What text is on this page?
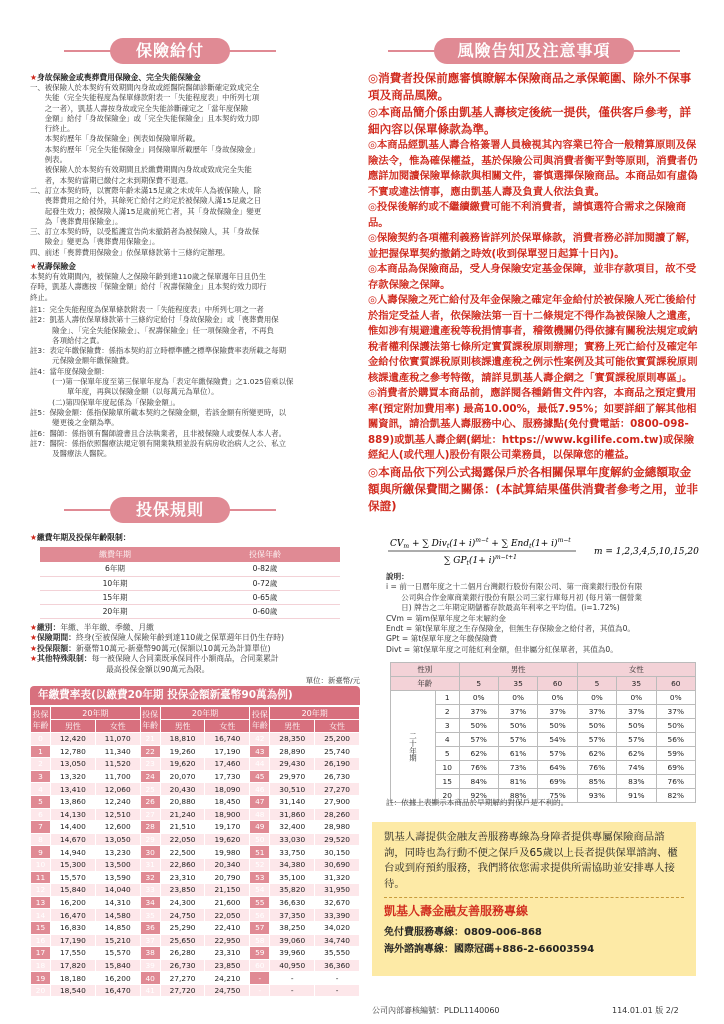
保險給付
★身故保險金或喪葬費用保險金、完全失能保險金
一、被保險人於本契約有效期間內身故或經醫院醫師診斷確定致成完全
　　失能（完全失能程度為保單條款附表一「失能程度表」中所列七項
　　之一者），凱基人壽按身故或完全失能診斷確定之「當年度保險
　　金額」給付「身故保險金」或「完全失能保險金」且本契約效力即
　　行終止。
　　本契約歷年「身故保險金」例表如保險單所載。
　　本契約歷年「完全失能保險金」同保險單所載歷年「身故保險金」
　　例表。
　　被保險人於本契約有效期間且於繳費期間內身故或致成完全失能
　　者，本契約當期已繳付之未到期保費不退還。
二、訂立本契約時，以實際年齡未滿15足歲之未成年人為被保險人，除
　　喪葬費用之給付外，其餘死亡給付之約定於被保險人滿15足歲之日
　　起發生效力；被保險人滿15足歲前死亡者，其「身故保險金」變更
　　為「喪葬費用保險金」。
三、訂立本契約時，以受監護宣告尚未撤銷者為被保險人，其「身故保
　　險金」變更為「喪葬費用保險金」。
四、前述「喪葬費用保險金」依保單條款第十三條約定辦理。
★祝壽保險金
本契約有效期間內，被保險人之保險年齡到達110歲之保單週年日且仍生
存時，凱基人壽應按「保險金額」給付「祝壽保險金」且本契約效力即行
終止。
註1：完全失能程度為保單條款附表一「失能程度表」中所列七項之一者
註2：凱基人壽依保單條款第十三條約定給付「身故保險金」或「喪葬費用保
　　　險金」、「完全失能保險金」、「祝壽保險金」任一項保險金者，不再負
　　　各項給付之責。
註3：表定年繳保險費：係指本契約訂立時標準體之標準保險費率表所載之每期
　　　元保險金額年繳保險費。
註4：當年度保險金額：
　　　(一)第一保單年度至第三保單年度為「表定年繳保險費」之1.025倍乘以保
　　　　　單年度，再與以保險金額（以每萬元為單位）。
　　　(二)第四保單年度起係為「保險金額」。
註5：保險金額：係指保險單所載本契約之保險金額，若該金額有所變更時，以
　　　變更後之金額為準。
註6：醫師：係指領有醫師證書且合法執業者，且非被保險人或要保人本人者。
註7：醫院：係指依照醫療法規定領有開業執照並設有病房收治病人之公、私立
　　　及醫療法人醫院。
投保規則
★繳費年期及投保年齡限制：
繳費年期	投保年齡
6年期	0-82歲
10年期	0-72歲
15年期	0-65歲
20年期	0-60歲
★繳別：年繳、半年繳、季繳、月繳
★保險期間：終身(至被保險人保險年齡到達110歲之保單週年日仍生存時)
★投保限額：新臺幣10萬元-新臺幣90萬元(保額以10萬元為計算單位)
★其他特殊限制：每一被保險人合同業既承保同件小額商品，合同業累計
最高投保金額以90萬元為限。
單位：新臺幣/元
年繳費率表(以繳費20年期 投保金額新臺幣90萬為例)
投保年齡	20年期		投保年齡	20年期		投保年齡	20年期	
	男性	女性		男性	女性		男性	女性
0	12,420	11,070	21	18,810	16,740	42	28,350	25,200
1	12,780	11,340	22	19,260	17,190	43	28,890	25,740
2	13,050	11,520	23	19,620	17,460	44	29,430	26,190
3	13,320	11,700	24	20,070	17,730	45	29,970	26,730
4	13,410	12,060	25	20,430	18,090	46	30,510	27,270
5	13,860	12,240	26	20,880	18,450	47	31,140	27,900
6	14,130	12,510	27	21,240	18,900	48	31,860	28,260
7	14,400	12,600	28	21,510	19,170	49	32,400	28,980
8	14,670	13,050	29	22,050	19,620	50	33,030	29,520
9	14,940	13,230	30	22,500	19,980	51	33,750	30,150
10	15,300	13,500	31	22,860	20,340	52	34,380	30,690
11	15,570	13,590	32	23,310	20,790	53	35,100	31,320
12	15,840	14,040	33	23,850	21,150	54	35,820	31,950
13	16,200	14,310	34	24,300	21,600	55	36,630	32,670
14	16,470	14,580	35	24,750	22,050	56	37,350	33,390
15	16,830	14,850	36	25,290	22,410	57	38,250	34,020
16	17,190	15,210	37	25,650	22,950	58	39,060	34,740
17	17,550	15,570	38	26,280	23,310	59	39,960	35,550
18	17,820	15,840	39	26,730	23,850	60	40,950	36,360
19	18,180	16,200	40	27,270	24,210	-	-	-
20	18,540	16,470	41	27,720	24,750	-	-	-
風險告知及注意事項
◎消費者投保前應審慎瞭解本保險商品之承保範圍、除外不保事項及商品風險。
◎本商品簡介係由凱基人壽核定後統一提供，僅供客戶參考，詳細內容以保單條款為準。
◎本商品經凱基人壽合格簽署人員檢視其內容業已符合一般精算原則及保險法令，惟為確保權益，基於保險公司與消費者衡平對等原則，消費者仍應詳加閱讀保險單條款與相關文件，審慎選擇保險商品。本商品如有虛偽不實或違法情事，應由凱基人壽及負責人依法負責。
◎投保後解約或不繼續繳費可能不利消費者，請慎選符合需求之保險商品。
◎保險契約各項權利義務皆詳列於保單條款，消費者務必詳加閱讀了解，並把握保單契約撤銷之時效(收到保單翌日起算十日內)。
◎本商品為保險商品，受人身保險安定基金保障，並非存款項目，故不受存款保險之保障。
◎人壽保險之死亡給付及年金保險之確定年金給付於被保險人死亡後給付於指定受益人者，依保險法第一百十二條規定不得作為被保險人之遺產，惟如涉有規避遺產稅等稅捐情事者，稽徵機關仍得依據有關稅法規定或納稅者權利保護法第七條所定實質課稅原則辦理；實務上死亡給付及確定年金給付依實質課稅原則核課遺產稅之例示性案例及其可能依實質課稅原則核課遺產稅之參考特徵，請詳見凱基人壽企網之「實質課稅原則專區」。
◎消費者於購買本商品前，應詳閱各種銷售文件內容，本商品之預定費用率(預定附加費用率) 最高10.00%，最低7.95%；如要詳細了解其他相關資訊，請洽凱基人壽服務中心、服務據點(免付費電話：0800-098-889)或凱基人壽企網(網址：https://www.kgilife.com.tw)或保險經紀人(或代理人)股份有限公司業務員，以保障您的權益。
◎本商品依下列公式揭露保戶於各相關保單年度解約金總額取金額與所繳保費間之關係：(本試算結果僅供消費者參考之用，並非保證)
$CV_m$ + ∑ $Div_t(1+ i)^{m-t}$ + ∑ $End_t(1+ i)^{m-t}$
∑ $GP_t(1+ i)^{m-t+1}$
m = 1,2,3,4,5,10,15,20
說明：
i = 前一日曆年度之十二個月台灣銀行股份有限公司、第一商業銀行股份有限
　　公司與合作金庫商業銀行股份有限公司三家行庫每月初 (每月第一個營業
　　日) 牌告之二年期定期儲蓄存款最高年利率之平均值。(i=1.72%)
CVm = 第m保單年度之年末解約金
Endt = 第t保單年度之生存保險金，但無生存保險金之給付者，其值為0。
GPt = 第t保單年度之年繳保險費
Divt = 第t保單年度之可能紅利金額，但非屬分紅保單者，其值為0。
性別		男性			女性		
年齡		5	35	60	5	35	60
二十年期	1	0%	0%	0%	0%	0%	0%
	2	37%	37%	37%	37%	37%	37%
	3	50%	50%	50%	50%	50%	50%
	4	57%	57%	54%	57%	57%	56%
	5	62%	61%	57%	62%	62%	59%
	10	76%	73%	64%	76%	74%	69%
	15	84%	81%	69%	85%	83%	76%
	20	92%	88%	75%	93%	91%	82%
註：依據上表顯示本商品於早期解約對保戶是不利的。
凱基人壽提供金融友善服務專線為身障者提供專屬保險商品諮詢，同時也為行動不便之保戶及65歲以上長者提供保單諮詢、櫃台或到府預約服務，我們將依您需求提供所需協助並安排專人接待。
凱基人壽金融友善服務專線
免付費服務專線：0809-006-868
海外諮詢專線：國際冠碼+886-2-66003594
公司內部審核編號：PLDL1140060	114.01.01 版 2/2
